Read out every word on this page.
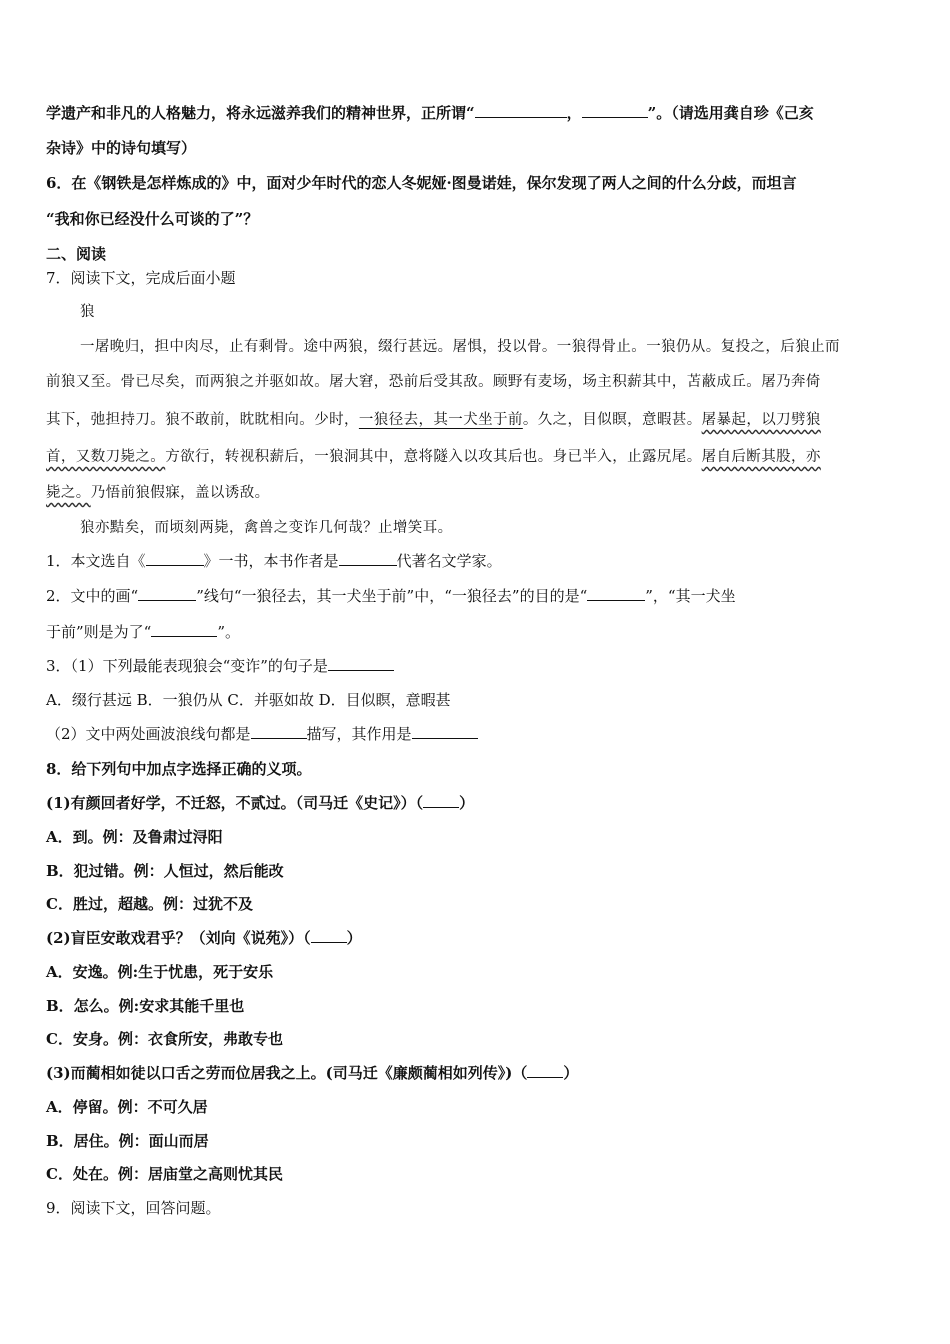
学遗产和非凡的人格魅力，将永远滋养我们的精神世界，正所谓“	，	”。（请选用龚自珍《己亥
杂诗》中的诗句填写）
6．在《钢铁是怎样炼成的》中，面对少年时代的恋人冬妮娅·图曼诺娃，保尔发现了两人之间的什么分歧，而坦言
“我和你已经没什么可谈的了”？
二、阅读
7．阅读下文，完成后面小题
狼
一屠晚归，担中肉尽，止有剩骨。途中两狼，缀行甚远。屠惧，投以骨。一狼得骨止。一狼仍从。复投之，后狼止而
前狼又至。骨已尽矣，而两狼之并驱如故。屠大窘，恐前后受其敌。顾野有麦场，场主积薪其中，苫蔽成丘。屠乃奔倚
其下，弛担持刀。狼不敢前，眈眈相向。少时，一狼径去，其一犬坐于前。久之，目似瞑，意暇甚。屠暴起，以刀劈狼
首，又数刀毙之。方欲行，转视积薪后，一狼洞其中，意将隧入以攻其后也。身已半入，止露尻尾。屠自后断其股，亦
毙之。乃悟前狼假寐，盖以诱敌。
狼亦黠矣，而顷刻两毙，禽兽之变诈几何哉？止增笑耳。
1．本文选自《	》一书，本书作者是	代著名文学家。
2．文中的画“	”线句“一狼径去，其一犬坐于前”中，“一狼径去”的目的是“	”，“其一犬坐
于前”则是为了“	”。
3．（1）下列最能表现狼会“变诈”的句子是
A．缀行甚远 B．一狼仍从 C．并驱如故 D．目似瞑，意暇甚
（2）文中两处画波浪线句都是	描写，其作用是
8．给下列句中加点字选择正确的义项。
(1)有颜回者好学，不迁怒，不贰过。（司马迁《史记》）（ ）
A．到。例：及鲁肃过浔阳
B．犯过错。例：人恒过，然后能改
C．胜过，超越。例：过犹不及
(2)盲臣安敢戏君乎？（刘向《说苑》）（ ）
A．安逸。例:生于忧患，死于安乐
B．怎么。例:安求其能千里也
C．安身。例：衣食所安，弗敢专也
(3)而蔺相如徒以口舌之劳而位居我之上。(司马迁《廉颇蔺相如列传》)（ ）
A．停留。例：不可久居
B．居住。例：面山而居
C．处在。例：居庙堂之高则忧其民
9．阅读下文，回答问题。
